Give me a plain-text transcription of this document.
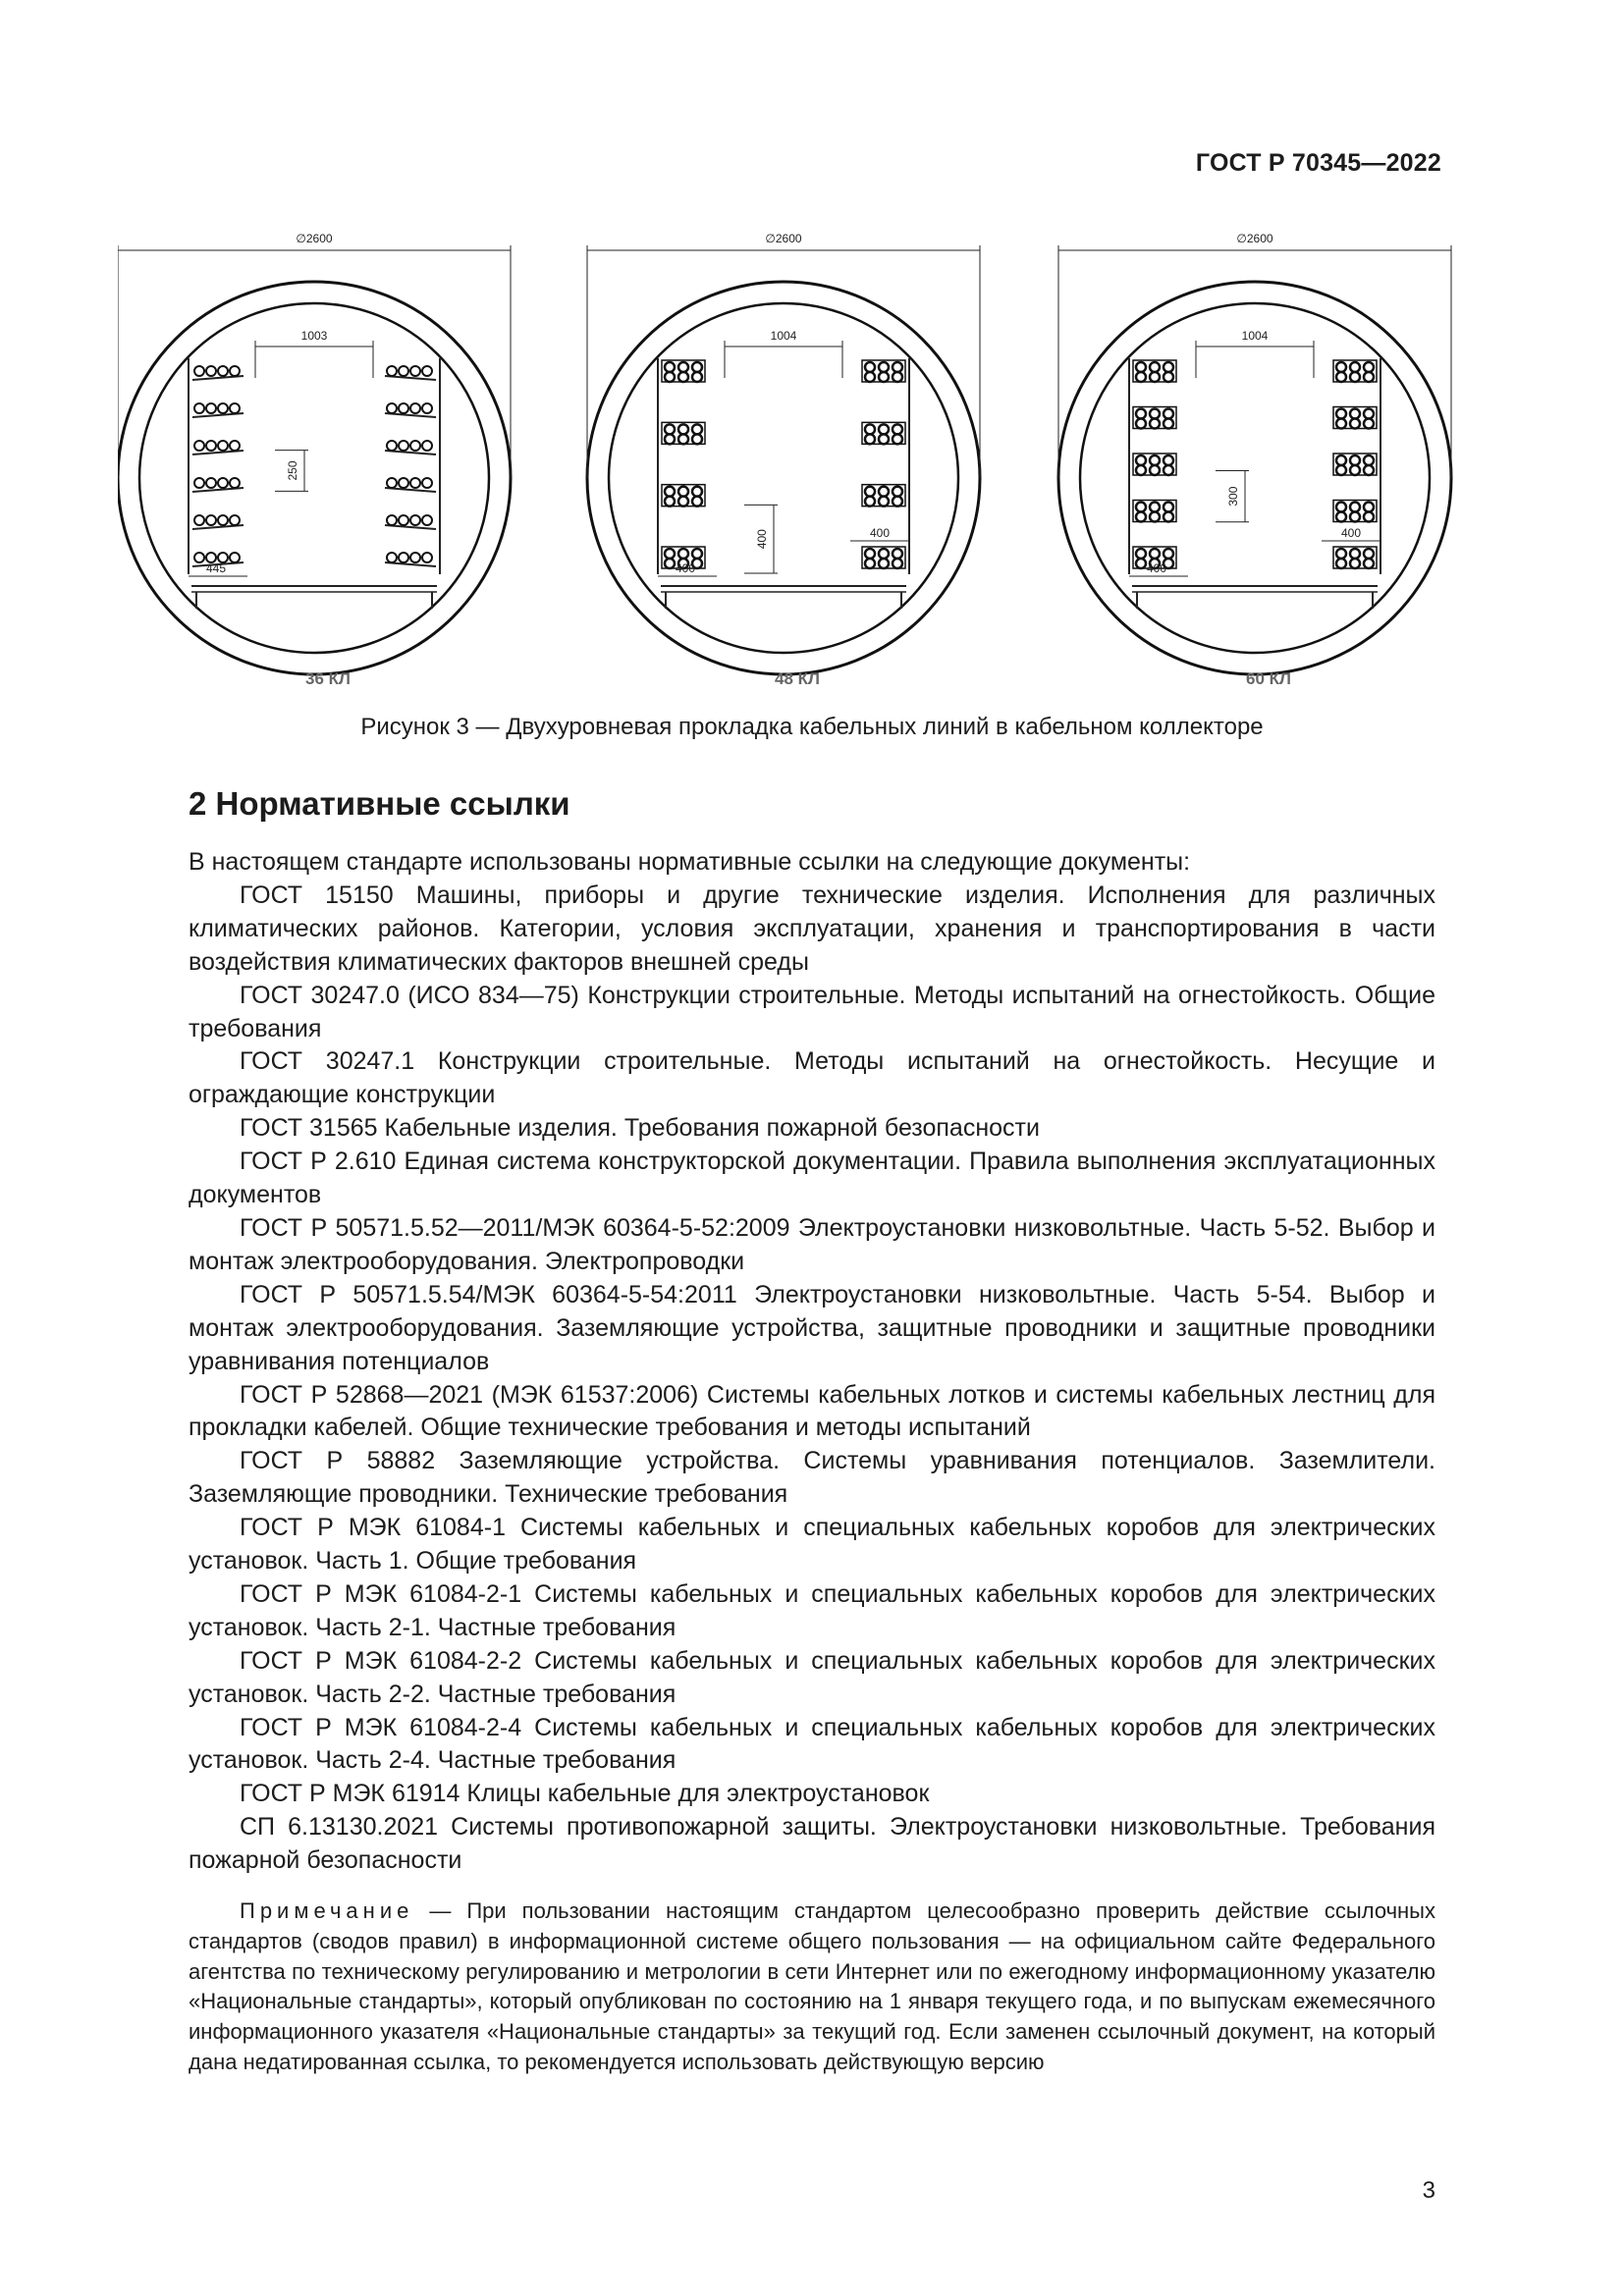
ГОСТ Р 70345—2022
∅2600
1003
250
445
36 КЛ
∅2600
1004
400
400
400
48 КЛ
∅2600
1004
300
400
400
60 КЛ
Рисунок 3 — Двухуровневая прокладка кабельных линий в кабельном коллекторе
2 Нормативные ссылки

В настоящем стандарте использованы нормативные ссылки на следующие документы:

ГОСТ 15150 Машины, приборы и другие технические изделия. Исполнения для различных климатических районов. Категории, условия эксплуатации, хранения и транспортирования в части воздействия климатических факторов внешней среды

ГОСТ 30247.0 (ИСО 834—75) Конструкции строительные. Методы испытаний на огнестойкость. Общие требования

ГОСТ 30247.1 Конструкции строительные. Методы испытаний на огнестойкость. Несущие и ограждающие конструкции

ГОСТ 31565 Кабельные изделия. Требования пожарной безопасности

ГОСТ Р 2.610 Единая система конструкторской документации. Правила выполнения эксплуатационных документов

ГОСТ Р 50571.5.52—2011/МЭК 60364-5-52:2009 Электроустановки низковольтные. Часть 5-52. Выбор и монтаж электрооборудования. Электропроводки

ГОСТ Р 50571.5.54/МЭК 60364-5-54:2011 Электроустановки низковольтные. Часть 5-54. Выбор и монтаж электрооборудования. Заземляющие устройства, защитные проводники и защитные проводники уравнивания потенциалов

ГОСТ Р 52868—2021 (МЭК 61537:2006) Системы кабельных лотков и системы кабельных лестниц для прокладки кабелей. Общие технические требования и методы испытаний

ГОСТ Р 58882 Заземляющие устройства. Системы уравнивания потенциалов. Заземлители. Заземляющие проводники. Технические требования

ГОСТ Р МЭК 61084-1 Системы кабельных и специальных кабельных коробов для электрических установок. Часть 1. Общие требования

ГОСТ Р МЭК 61084-2-1 Системы кабельных и специальных кабельных коробов для электрических установок. Часть 2-1. Частные требования

ГОСТ Р МЭК 61084-2-2 Системы кабельных и специальных кабельных коробов для электрических установок. Часть 2-2. Частные требования

ГОСТ Р МЭК 61084-2-4 Системы кабельных и специальных кабельных коробов для электрических установок. Часть 2-4. Частные требования

ГОСТ Р МЭК 61914 Клицы кабельные для электроустановок

СП 6.13130.2021 Системы противопожарной защиты. Электроустановки низковольтные. Требования пожарной безопасности

Примечание — При пользовании настоящим стандартом целесообразно проверить действие ссылочных стандартов (сводов правил) в информационной системе общего пользования — на официальном сайте Федерального агентства по техническому регулированию и метрологии в сети Интернет или по ежегодному информационному указателю «Национальные стандарты», который опубликован по состоянию на 1 января текущего года, и по выпускам ежемесячного информационного указателя «Национальные стандарты» за текущий год. Если заменен ссылочный документ, на который дана недатированная ссылка, то рекомендуется использовать действующую версию
3
